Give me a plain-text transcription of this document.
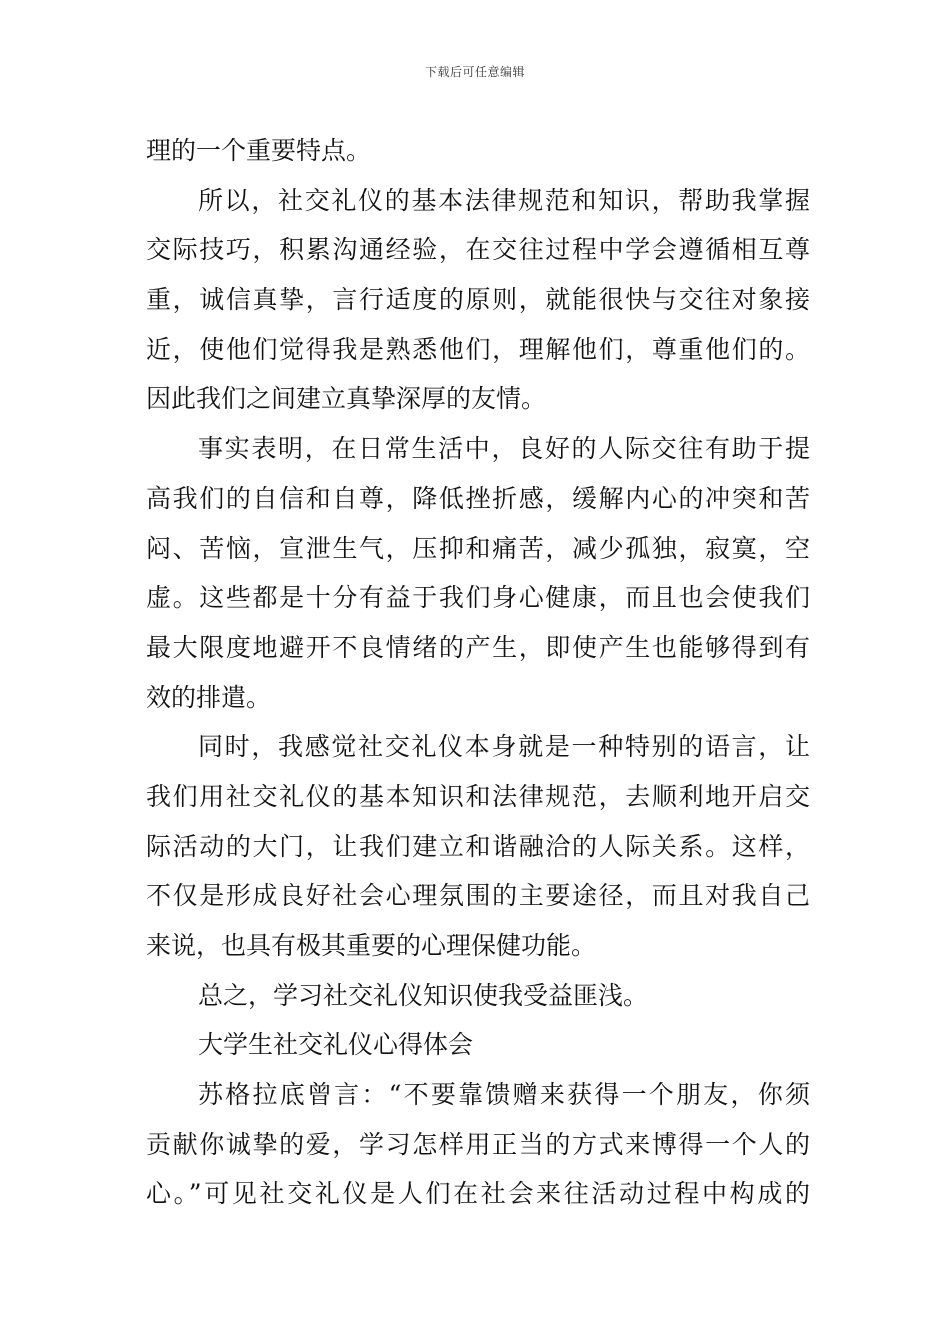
下载后可任意编辑
理的一个重要特点。
所以，社交礼仪的基本法律规范和知识，帮助我掌握
交际技巧，积累沟通经验，在交往过程中学会遵循相互尊
重，诚信真挚，言行适度的原则，就能很快与交往对象接
近，使他们觉得我是熟悉他们，理解他们，尊重他们的。
因此我们之间建立真挚深厚的友情。
事实表明，在日常生活中，良好的人际交往有助于提
高我们的自信和自尊，降低挫折感，缓解内心的冲突和苦
闷、苦恼，宣泄生气，压抑和痛苦，减少孤独，寂寞，空
虚。这些都是十分有益于我们身心健康，而且也会使我们
最大限度地避开不良情绪的产生，即使产生也能够得到有
效的排遣。
同时，我感觉社交礼仪本身就是一种特别的语言，让
我们用社交礼仪的基本知识和法律规范，去顺利地开启交
际活动的大门，让我们建立和谐融洽的人际关系。这样，
不仅是形成良好社会心理氛围的主要途径，而且对我自己
来说，也具有极其重要的心理保健功能。
总之，学习社交礼仪知识使我受益匪浅。
大学生社交礼仪心得体会
苏格拉底曾言：“不要靠馈赠来获得一个朋友，你须
贡献你诚挚的爱，学习怎样用正当的方式来博得一个人的
心。”可见社交礼仪是人们在社会来往活动过程中构成的
